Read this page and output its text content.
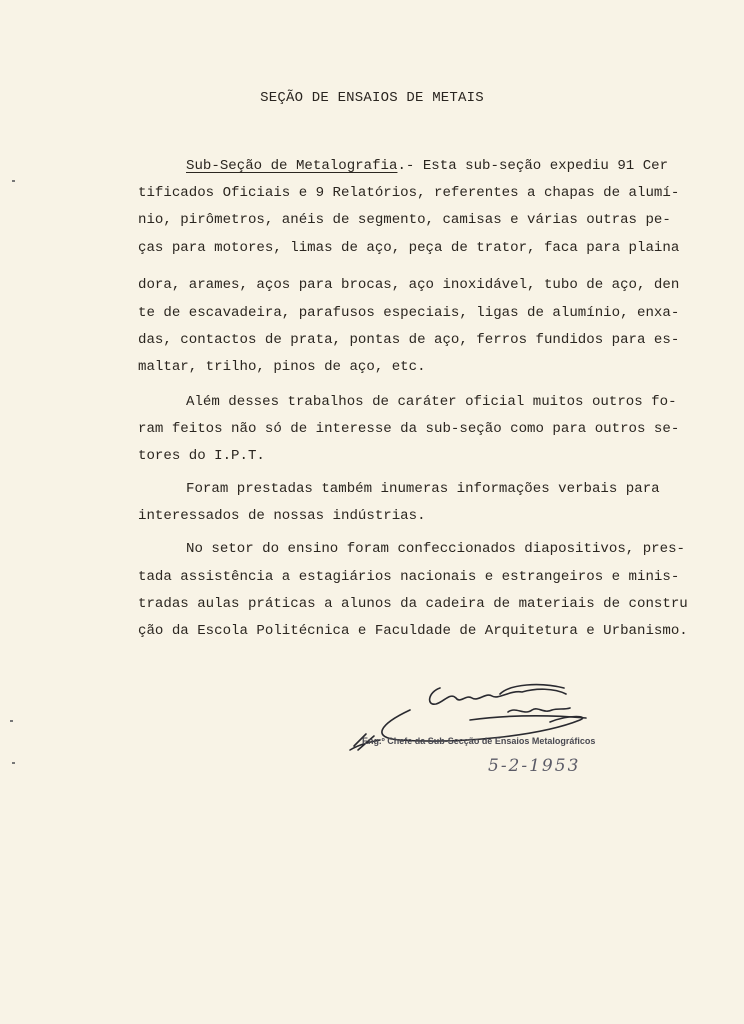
SEÇÃO DE ENSAIOS DE METAIS
Sub-Seção de Metalografia.- Esta sub-seção expediu 91 Cer
tificados Oficiais e 9 Relatórios, referentes a chapas de alumí-
nio, pirômetros, anéis de segmento, camisas e várias outras pe-
ças para motores, limas de aço, peça de trator, faca para plaina
dora, arames, aços para brocas, aço inoxidável, tubo de aço, den
te de escavadeira, parafusos especiais, ligas de alumínio, enxa-
das, contactos de prata, pontas de aço, ferros fundidos para es-
maltar, trilho, pinos de aço, etc.
Além desses trabalhos de caráter oficial muitos outros fo-
ram feitos não só de interesse da sub-seção como para outros se-
tores do I.P.T.
Foram prestadas também inumeras informações verbais para
interessados de nossas indústrias.
No setor do ensino foram confeccionados diapositivos, pres-
tada assistência a estagiários nacionais e estrangeiros e minis-
tradas aulas práticas a alunos da cadeira de materiais de constru
ção da Escola Politécnica e Faculdade de Arquitetura e Urbanismo.
Eng.º Chefe da Sub-Secção de Ensaios Metalográficos
5-2-1953
